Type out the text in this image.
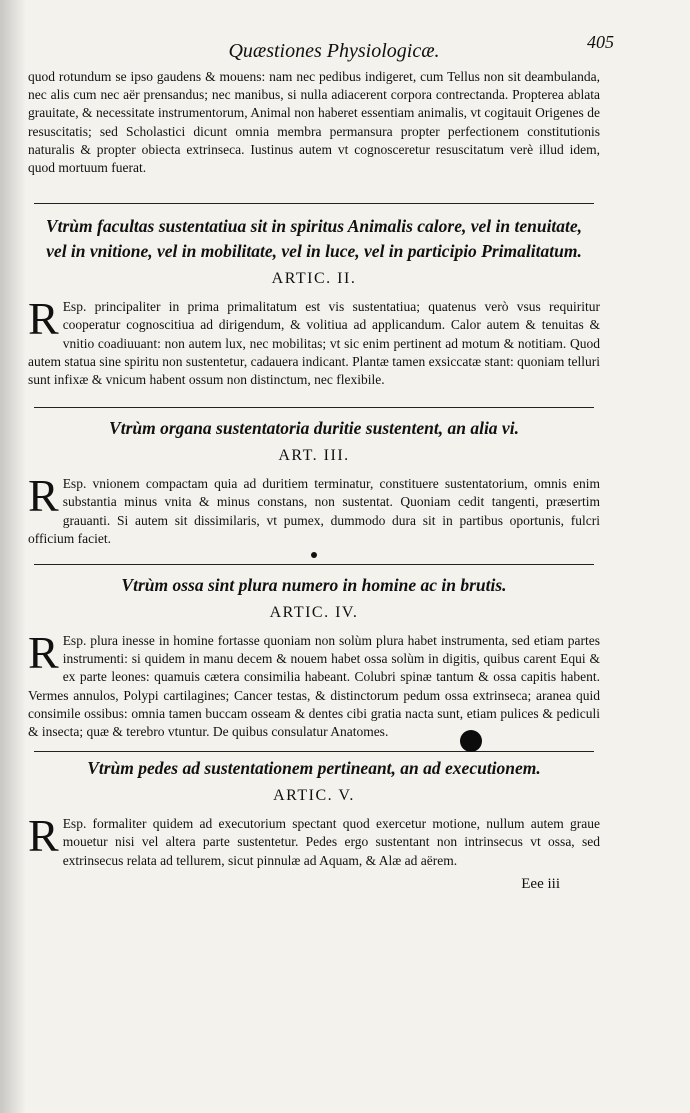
Quæstiones Physiologicæ.	405

quod rotundum se ipso gaudens & mouens: nam nec pedibus indigeret, cum Tellus non sit deambulanda, nec alis cum nec aër prensandus; nec manibus, si nulla adiacerent corpora contrectanda. Propterea ablata grauitate, & necessitate instrumentorum, Animal non haberet essentiam animalis, vt cogitauit Origenes de resuscitatis; sed Scholastici dicunt omnia membra permansura propter perfectionem constitutionis naturalis & propter obiecta extrinseca. Iustinus autem vt cognosceretur resuscitatum verè illud idem, quod mortuum fuerat.

Vtrùm facultas sustentatiua sit in spiritus Animalis calore, vel in tenuitate, vel in vnitione, vel in mobilitate, vel in luce, vel in participio Primalitatum.

ARTIC. II.

R Esp. principaliter in prima primalitatum est vis sustentatiua; quatenus verò vsus requiritur cooperatur cognoscitiua ad dirigendum, & volitiua ad applicandum. Calor autem & tenuitas & vnitio coadiuuant: non autem lux, nec mobilitas; vt sic enim pertinent ad motum & notitiam. Quod autem statua sine spiritu non sustentetur, cadauera indicant. Plantæ tamen exsiccatæ stant: quoniam telluri sunt infixæ & vnicum habent ossum non distinctum, nec flexibile.

Vtrùm organa sustentatoria duritie sustentent, an alia vi.

ART. III.

R Esp. vnionem compactam quia ad duritiem terminatur, constituere sustentatorium, omnis enim substantia minus vnita & minus constans, non sustentat. Quoniam cedit tangenti, præsertim grauanti. Si autem sit dissimilaris, vt pumex, dummodo dura sit in partibus oportunis, fulcri officium faciet.

Vtrùm ossa sint plura numero in homine ac in brutis.

ARTIC. IV.

R Esp. plura inesse in homine fortasse quoniam non solùm plura habet instrumenta, sed etiam partes instrumenti: si quidem in manu decem & nouem habet ossa solùm in digitis, quibus carent Equi & ex parte leones: quamuis cætera consimilia habeant. Colubri spinæ tantum & ossa capitis habent. Vermes annulos, Polypi cartilagines; Cancer testas, & distinctorum pedum ossa extrinseca; aranea quid consimile ossibus: omnia tamen buccam osseam & dentes cibi gratia nacta sunt, etiam pulices & pediculi & insecta; quæ & terebro vtuntur. De quibus consulatur Anatomes.

Vtrùm pedes ad sustentationem pertineant, an ad executionem.

ARTIC. V.

R Esp. formaliter quidem ad executorium spectant quod exercetur motione, nullum autem graue mouetur nisi vel altera parte sustentetur. Pedes ergo sustentant non intrinsecus vt ossa, sed extrinsecus relata ad tellurem, sicut pinnulæ ad Aquam, & Alæ ad aërem.

Eee iii
